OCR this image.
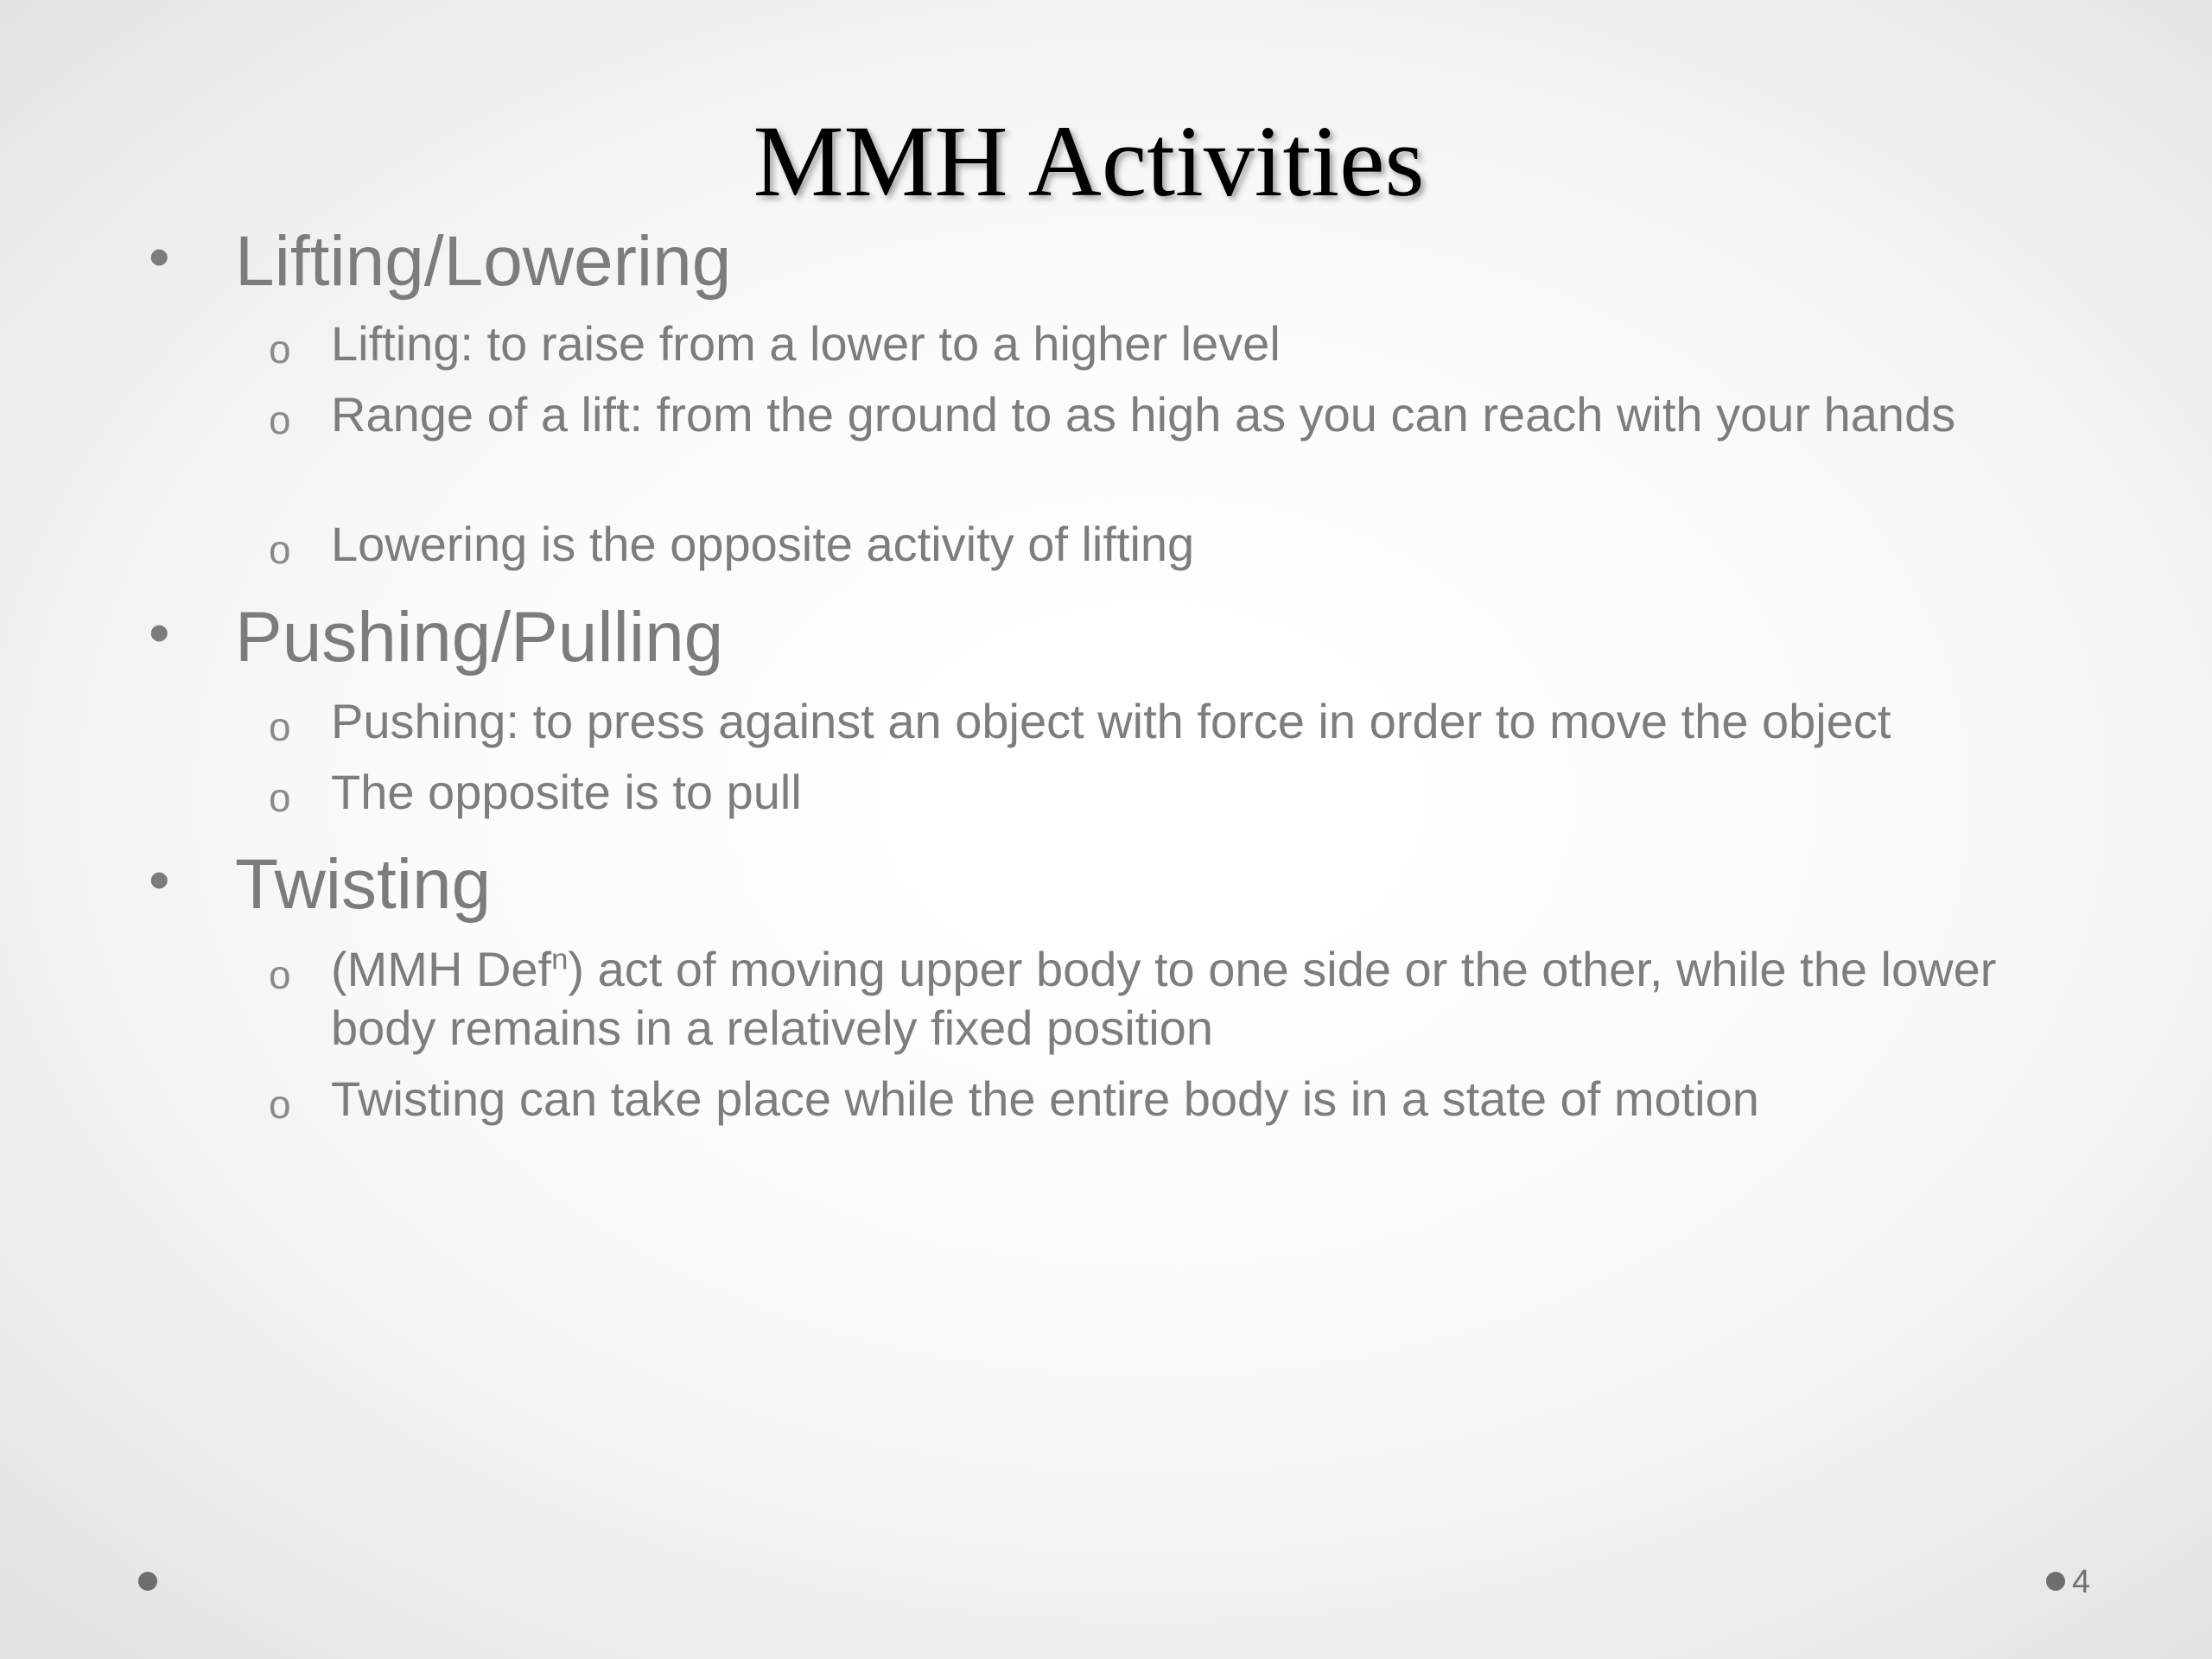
MMH Activities
• Lifting/Lowering
o Lifting: to raise from a lower to a higher level
o Range of a lift: from the ground to as high as you can reach with your hands
o Lowering is the opposite activity of lifting
• Pushing/Pulling
o Pushing: to press against an object with force in order to move the object
o The opposite is to pull
• Twisting
o (MMH Def$^n$) act of moving upper body to one side or the other, while the lower body remains in a relatively fixed position
o Twisting can take place while the entire body is in a state of motion
4
